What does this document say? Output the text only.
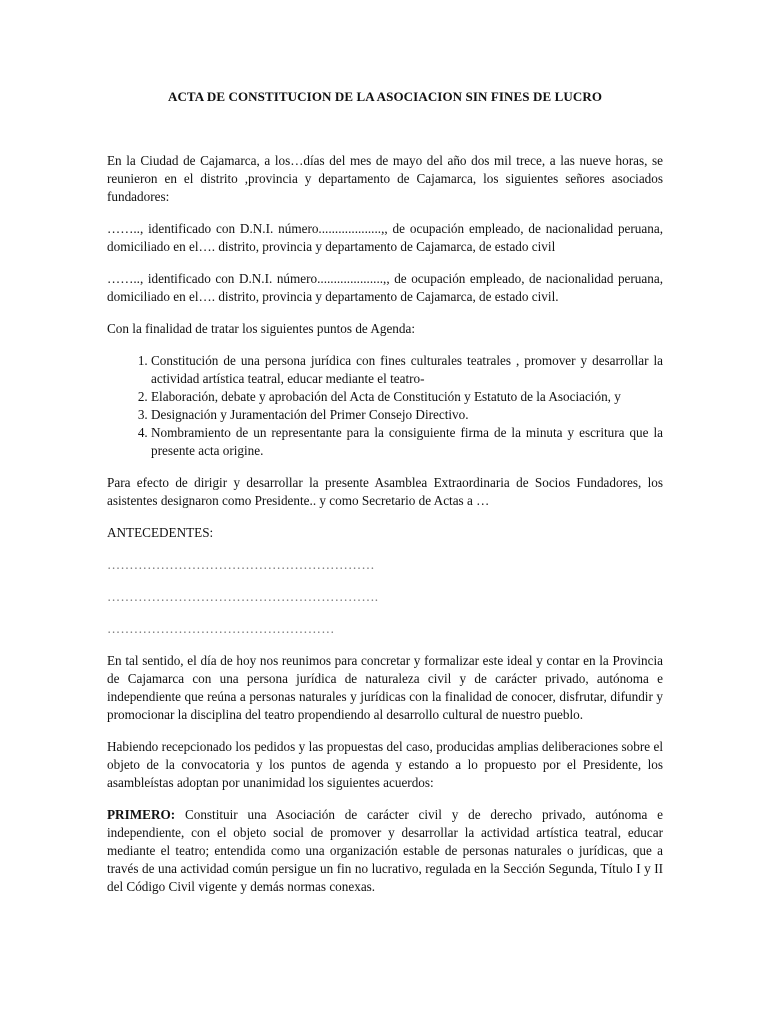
ACTA DE CONSTITUCION DE LA ASOCIACION SIN FINES DE LUCRO

En la Ciudad de Cajamarca, a los…días del mes de mayo del año dos mil trece, a las nueve horas, se reunieron en el distrito ,provincia y departamento de Cajamarca, los siguientes señores asociados fundadores:

…….., identificado con D.N.I. número...................,, de ocupación empleado, de nacionalidad peruana, domiciliado en el…. distrito, provincia y departamento de Cajamarca, de estado civil

…….., identificado con D.N.I. número....................,, de ocupación empleado, de nacionalidad peruana, domiciliado en el…. distrito, provincia y departamento de Cajamarca, de estado civil.

Con la finalidad de tratar los siguientes puntos de Agenda:

1. Constitución de una persona jurídica con fines culturales teatrales , promover y desarrollar la actividad artística teatral, educar mediante el teatro-
2. Elaboración, debate y aprobación del Acta de Constitución y Estatuto de la Asociación, y
3. Designación y Juramentación del Primer Consejo Directivo.
4. Nombramiento de un representante para la consiguiente firma de la minuta y escritura que la presente acta origine.

Para efecto de dirigir y desarrollar la presente Asamblea Extraordinaria de Socios Fundadores, los asistentes designaron como Presidente.. y como Secretario de Actas a …

ANTECEDENTES:

……………………………………………………
…………………………………………………….
……………………………………………

En tal sentido, el día de hoy nos reunimos para concretar y formalizar este ideal y contar en la Provincia de Cajamarca con una persona jurídica de naturaleza civil y de carácter privado, autónoma e independiente que reúna a personas naturales y jurídicas con la finalidad de conocer, disfrutar, difundir y promocionar la disciplina del teatro propendiendo al desarrollo cultural de nuestro pueblo.

Habiendo recepcionado los pedidos y las propuestas del caso, producidas amplias deliberaciones sobre el objeto de la convocatoria y los puntos de agenda y estando a lo propuesto por el Presidente, los asambleístas adoptan por unanimidad los siguientes acuerdos:

PRIMERO: Constituir una Asociación de carácter civil y de derecho privado, autónoma e independiente, con el objeto social de promover y desarrollar la actividad artística teatral, educar mediante el teatro; entendida como una organización estable de personas naturales o jurídicas, que a través de una actividad común persigue un fin no lucrativo, regulada en la Sección Segunda, Título I y II del Código Civil vigente y demás normas conexas.
